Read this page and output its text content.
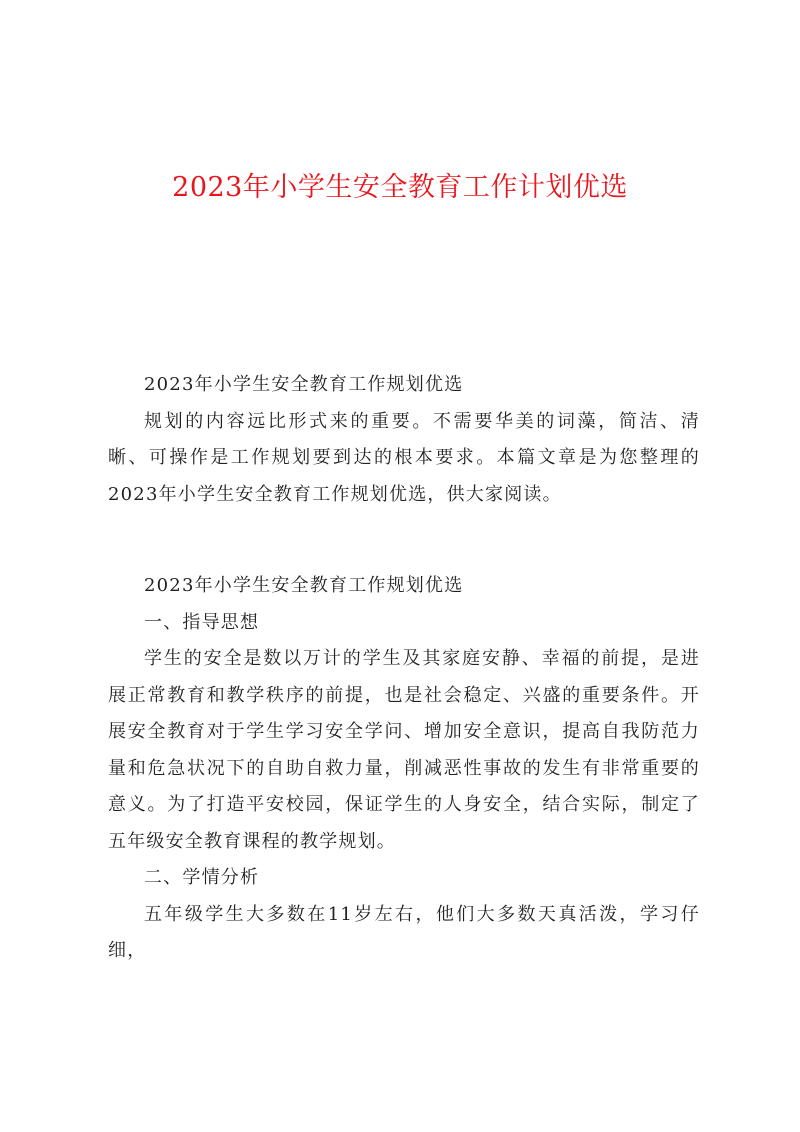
2023年小学生安全教育工作计划优选

2023年小学生安全教育工作规划优选

规划的内容远比形式来的重要。不需要华美的词藻，简洁、清晰、可操作是工作规划要到达的根本要求。本篇文章是为您整理的2023年小学生安全教育工作规划优选，供大家阅读。

2023年小学生安全教育工作规划优选

一、指导思想

学生的安全是数以万计的学生及其家庭安静、幸福的前提，是进展正常教育和教学秩序的前提，也是社会稳定、兴盛的重要条件。开展安全教育对于学生学习安全学问、增加安全意识，提高自我防范力量和危急状况下的自助自救力量，削减恶性事故的发生有非常重要的意义。为了打造平安校园，保证学生的人身安全，结合实际，制定了五年级安全教育课程的教学规划。

二、学情分析

五年级学生大多数在11岁左右，他们大多数天真活泼，学习仔细，
